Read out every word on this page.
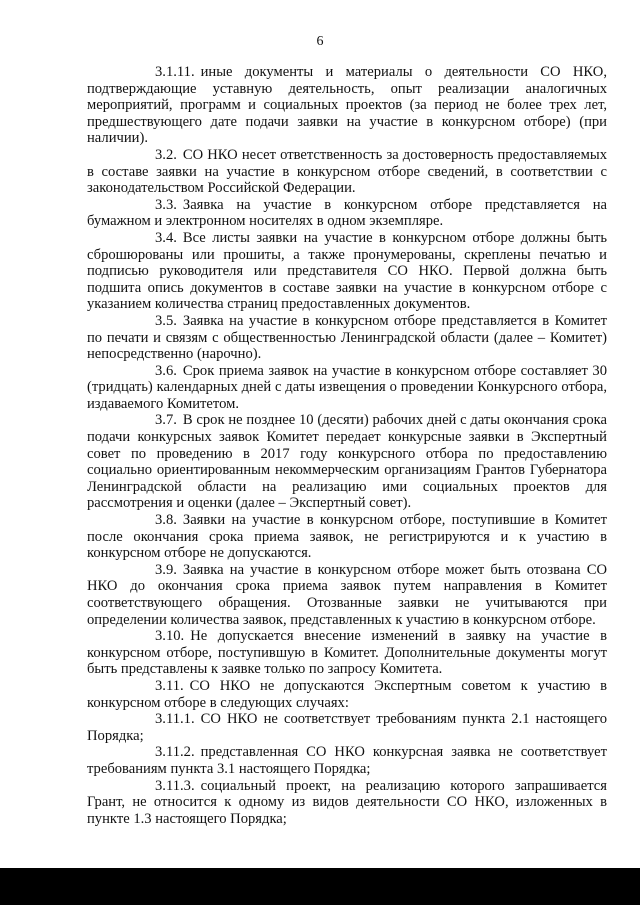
6

3.1.11. иные документы и материалы о деятельности СО НКО, подтверждающие уставную деятельность, опыт реализации аналогичных мероприятий, программ и социальных проектов (за период не более трех лет, предшествующего дате подачи заявки на участие в конкурсном отборе) (при наличии).

3.2. СО НКО несет ответственность за достоверность предоставляемых в составе заявки на участие в конкурсном отборе сведений, в соответствии с законодательством Российской Федерации.

3.3. Заявка на участие в конкурсном отборе представляется на бумажном и электронном носителях в одном экземпляре.

3.4. Все листы заявки на участие в конкурсном отборе должны быть сброшюрованы или прошиты, а также пронумерованы, скреплены печатью и подписью руководителя или представителя СО НКО. Первой должна быть подшита опись документов в составе заявки на участие в конкурсном отборе с указанием количества страниц предоставленных документов.

3.5. Заявка на участие в конкурсном отборе представляется в Комитет по печати и связям с общественностью Ленинградской области (далее – Комитет) непосредственно (нарочно).

3.6. Срок приема заявок на участие в конкурсном отборе составляет 30 (тридцать) календарных дней с даты извещения о проведении Конкурсного отбора, издаваемого Комитетом.

3.7. В срок не позднее 10 (десяти) рабочих дней с даты окончания срока подачи конкурсных заявок Комитет передает конкурсные заявки в Экспертный совет по проведению в 2017 году конкурсного отбора по предоставлению социально ориентированным некоммерческим организациям Грантов Губернатора Ленинградской области на реализацию ими социальных проектов для рассмотрения и оценки (далее – Экспертный совет).

3.8. Заявки на участие в конкурсном отборе, поступившие в Комитет после окончания срока приема заявок, не регистрируются и к участию в конкурсном отборе не допускаются.

3.9. Заявка на участие в конкурсном отборе может быть отозвана СО НКО до окончания срока приема заявок путем направления в Комитет соответствующего обращения. Отозванные заявки не учитываются при определении количества заявок, представленных к участию в конкурсном отборе.

3.10. Не допускается внесение изменений в заявку на участие в конкурсном отборе, поступившую в Комитет. Дополнительные документы могут быть представлены к заявке только по запросу Комитета.

3.11. СО НКО не допускаются Экспертным советом к участию в конкурсном отборе в следующих случаях:

3.11.1. СО НКО не соответствует требованиям пункта 2.1 настоящего Порядка;

3.11.2. представленная СО НКО конкурсная заявка не соответствует требованиям пункта 3.1 настоящего Порядка;

3.11.3. социальный проект, на реализацию которого запрашивается Грант, не относится к одному из видов деятельности СО НКО, изложенных в пункте 1.3 настоящего Порядка;
